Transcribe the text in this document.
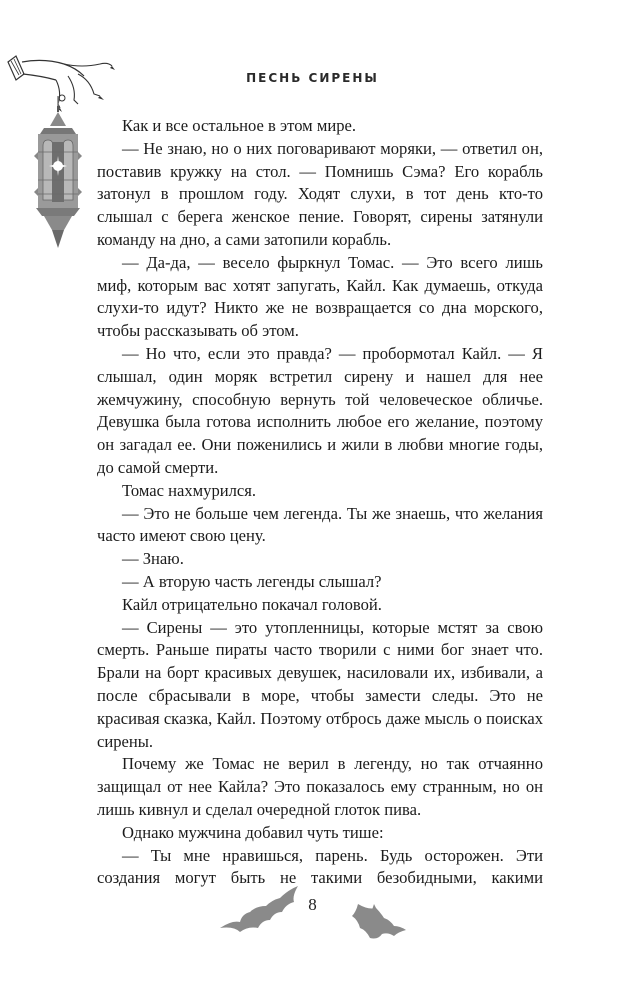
ПЕСНЬ СИРЕНЫ

Как и все остальное в этом мире.

— Не знаю, но о них поговаривают моряки, — ответил он, поставив кружку на стол. — Помнишь Сэма? Его корабль затонул в прошлом году. Ходят слухи, в тот день кто-то слышал с берега женское пение. Говорят, сирены затянули команду на дно, а сами затопили корабль.

— Да-да, — весело фыркнул Томас. — Это всего лишь миф, которым вас хотят запугать, Кайл. Как думаешь, откуда слухи-то идут? Никто же не возвращается со дна морского, чтобы рассказывать об этом.

— Но что, если это правда? — пробормотал Кайл. — Я слышал, один моряк встретил сирену и нашел для нее жемчужину, способную вернуть той человеческое обличье. Девушка была готова исполнить любое его желание, поэтому он загадал ее. Они поженились и жили в любви многие годы, до самой смерти.

Томас нахмурился.

— Это не больше чем легенда. Ты же знаешь, что желания часто имеют свою цену.

— Знаю.

— А вторую часть легенды слышал?

Кайл отрицательно покачал головой.

— Сирены — это утопленницы, которые мстят за свою смерть. Раньше пираты часто творили с ними бог знает что. Брали на борт красивых девушек, насиловали их, избивали, а после сбрасывали в море, чтобы замести следы. Это не красивая сказка, Кайл. Поэтому отбрось даже мысль о поисках сирены.

Почему же Томас не верил в легенду, но так отчаянно защищал от нее Кайла? Это показалось ему странным, но он лишь кивнул и сделал очередной глоток пива.

Однако мужчина добавил чуть тише:

— Ты мне нравишься, парень. Будь осторожен. Эти создания могут быть не такими безобидными, какими

8
